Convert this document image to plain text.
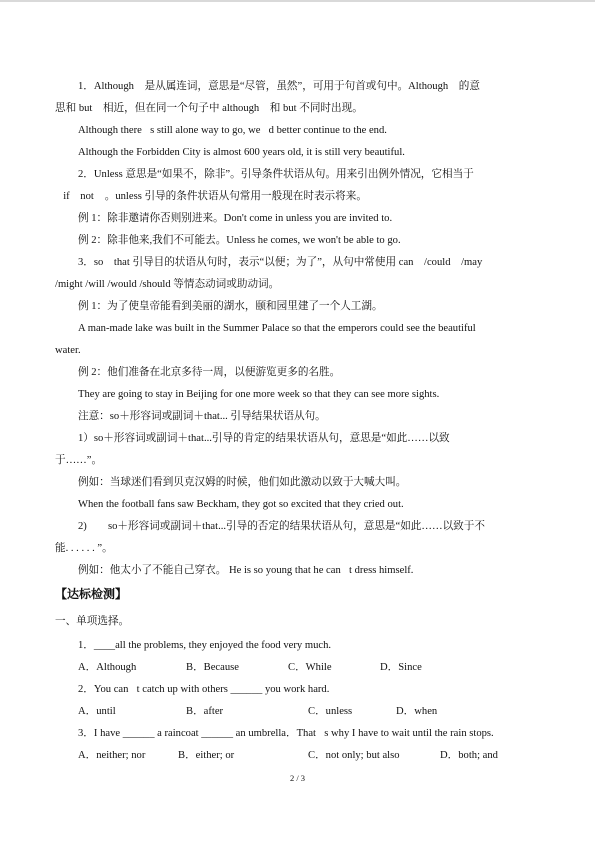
1．Although　是从属连词，意思是“尽管，虽然”，可用于句首或句中。Although　的意
思和 but　相近，但在同一个句子中 although　和 but 不同时出现。
Although there s still alone way to go, we d better continue to the end.
Although the Forbidden City is almost 600 years old, it is still very beautiful.
2．Unless 意思是“如果不，除非”。引导条件状语从句。用来引出例外情况，它相当于
 if　not  。unless 引导的条件状语从句常用一般现在时表示将来。
例 1：除非邀请你否则别进来。Don't come in unless you are invited to.
例 2：除非他来,我们不可能去。Unless he comes, we won't be able to go.
3．so　that 引导目的状语从句时，表示“以便；为了”，从句中常使用 can　/could　/may
/might /will /would /should 等情态动词或助动词。
例 1：为了使皇帝能看到美丽的湖水，颐和园里建了一个人工湖。
A man-made lake was built in the Summer Palace so that the emperors could see the beautiful
water.
例 2：他们准备在北京多待一周，以便游览更多的名胜。
They are going to stay in Beijing for one more week so that they can see more sights.
注意：so＋形容词或副词＋that... 引导结果状语从句。
1）so＋形容词或副词＋that...引导的肯定的结果状语从句，意思是“如此……以致
于……”。
例如：当球迷们看到贝克汉姆的时候，他们如此激动以致于大喊大叫。
When the football fans saw Beckham, they got so excited that they cried out.
2)　　so＋形容词或副词＋that...引导的否定的结果状语从句，意思是“如此……以致于不
能. . . . . . ”。
例如：他太小了不能自己穿衣。 He is so young that he can t dress himself.
【达标检测】
一、单项选择。
1．____all the problems, they enjoyed the food very much.
A．Although	B．Because	C．While	D．Since
2．You can t catch up with others ______ you work hard.
A．until	B．after	C．unless	D．when
3．I have ______ a raincoat ______ an umbrella．That s why I have to wait until the rain stops.
A．neither; nor	B．either; or	C．not only; but also	D．both; and
2 / 3
